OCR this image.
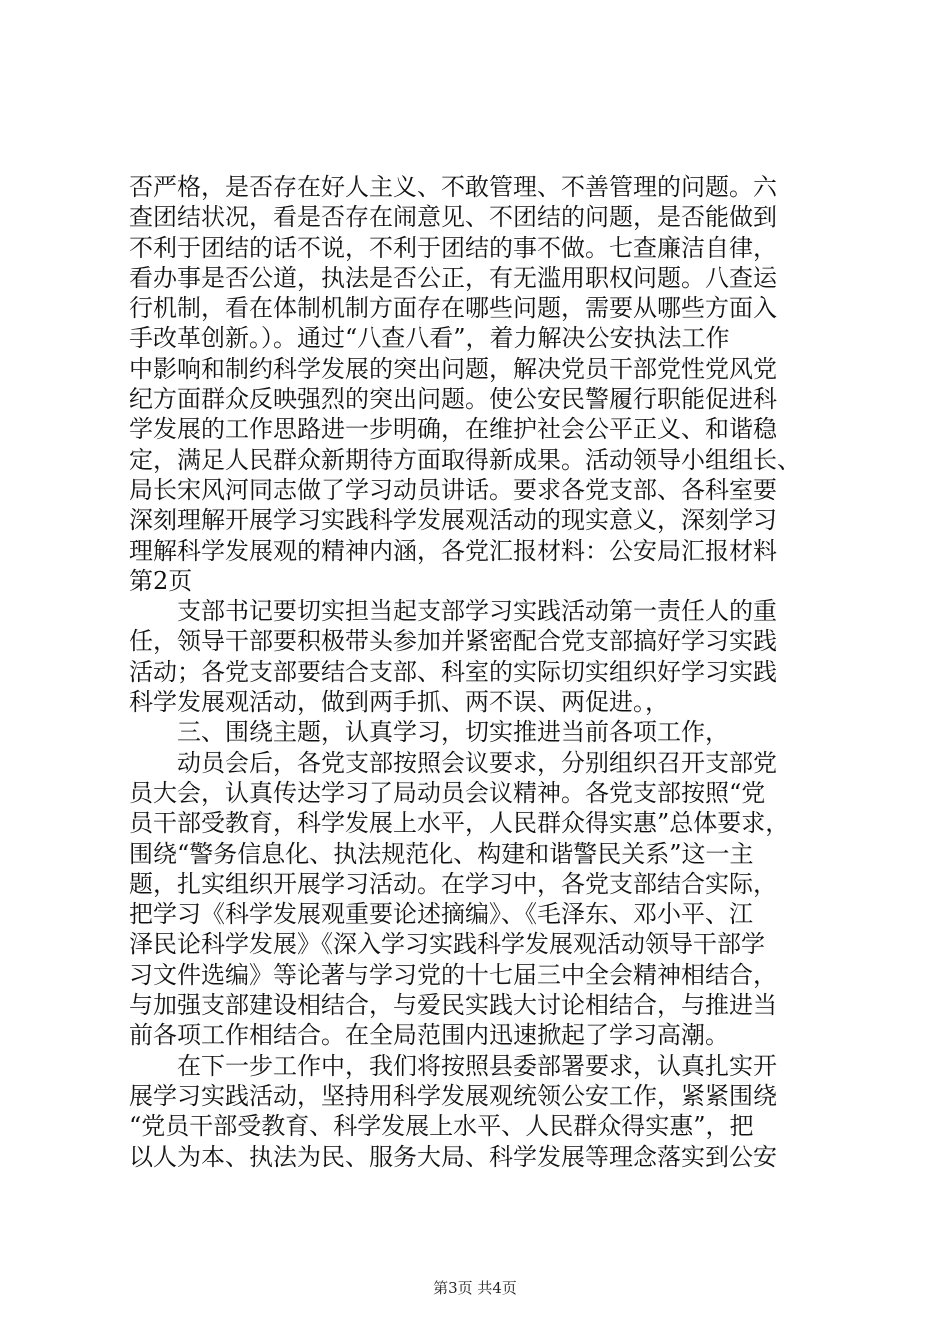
否严格，是否存在好人主义、不敢管理、不善管理的问题。六
查团结状况，看是否存在闹意见、不团结的问题，是否能做到
不利于团结的话不说，不利于团结的事不做。七查廉洁自律，
看办事是否公道，执法是否公正，有无滥用职权问题。八查运
行机制，看在体制机制方面存在哪些问题，需要从哪些方面入
手改革创新。）。通过“八查八看”，着力解决公安执法工作
中影响和制约科学发展的突出问题，解决党员干部党性党风党
纪方面群众反映强烈的突出问题。使公安民警履行职能促进科
学发展的工作思路进一步明确，在维护社会公平正义、和谐稳
定，满足人民群众新期待方面取得新成果。活动领导小组组长、
局长宋风河同志做了学习动员讲话。要求各党支部、各科室要
深刻理解开展学习实践科学发展观活动的现实意义，深刻学习
理解科学发展观的精神内涵，各党汇报材料：公安局汇报材料
第2页
　　支部书记要切实担当起支部学习实践活动第一责任人的重
任，领导干部要积极带头参加并紧密配合党支部搞好学习实践
活动；各党支部要结合支部、科室的实际切实组织好学习实践
科学发展观活动，做到两手抓、两不误、两促进。，
　　三、围绕主题，认真学习，切实推进当前各项工作，
　　动员会后，各党支部按照会议要求，分别组织召开支部党
员大会，认真传达学习了局动员会议精神。各党支部按照“党
员干部受教育，科学发展上水平，人民群众得实惠”总体要求，
围绕“警务信息化、执法规范化、构建和谐警民关系”这一主
题，扎实组织开展学习活动。在学习中，各党支部结合实际，
把学习《科学发展观重要论述摘编》、《毛泽东、邓小平、江
泽民论科学发展》《深入学习实践科学发展观活动领导干部学
习文件选编》等论著与学习党的十七届三中全会精神相结合，
与加强支部建设相结合，与爱民实践大讨论相结合，与推进当
前各项工作相结合。在全局范围内迅速掀起了学习高潮。
　　在下一步工作中，我们将按照县委部署要求，认真扎实开
展学习实践活动，坚持用科学发展观统领公安工作，紧紧围绕
“党员干部受教育、科学发展上水平、人民群众得实惠”，把
以人为本、执法为民、服务大局、科学发展等理念落实到公安
第3页 共4页
